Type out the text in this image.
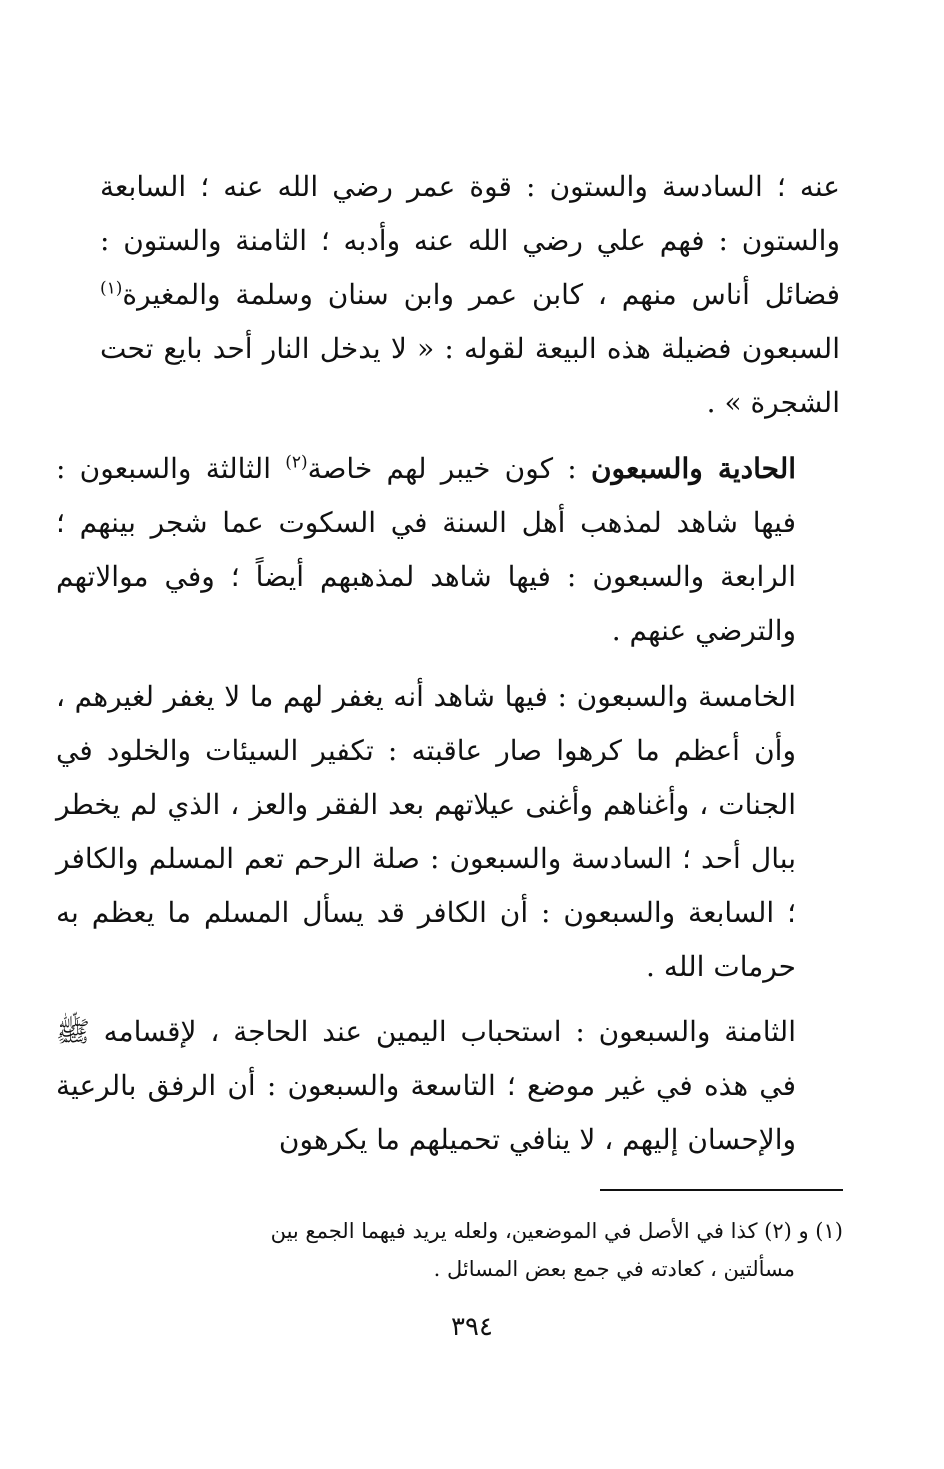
عنه ؛ السادسة والستون : قوة عمر رضي الله عنه ؛ السابعة والستون : فهم علي رضي الله عنه وأدبه ؛ الثامنة والستون : فضائل أناس منهم ، كابن عمر وابن سنان وسلمة والمغيرة$^{(١)}$ السبعون فضيلة هذه البيعة لقوله : « لا يدخل النار أحد بايع تحت الشجرة » .
الحادية والسبعون : كون خيبر لهم خاصة$^{(٢)}$ الثالثة والسبعون : فيها شاهد لمذهب أهل السنة في السكوت عما شجر بينهم ؛ الرابعة والسبعون : فيها شاهد لمذهبهم أيضاً ؛ وفي موالاتهم والترضي عنهم .
الخامسة والسبعون : فيها شاهد أنه يغفر لهم ما لا يغفر لغيرهم ، وأن أعظم ما كرهوا صار عاقبته : تكفير السيئات والخلود في الجنات ، وأغناهم وأغنى عيلاتهم بعد الفقر والعز ، الذي لم يخطر ببال أحد ؛ السادسة والسبعون : صلة الرحم تعم المسلم والكافر ؛ السابعة والسبعون : أن الكافر قد يسأل المسلم ما يعظم به حرمات الله .
الثامنة والسبعون : استحباب اليمين عند الحاجة ، لإقسامه ﷺ في هذه في غير موضع ؛ التاسعة والسبعون : أن الرفق بالرعية والإحسان إليهم ، لا ينافي تحميلهم ما يكرهون
(١) و (٢) كذا في الأصل في الموضعين، ولعله يريد فيهما الجمع بين
مسألتين ، كعادته في جمع بعض المسائل .
٣٩٤
